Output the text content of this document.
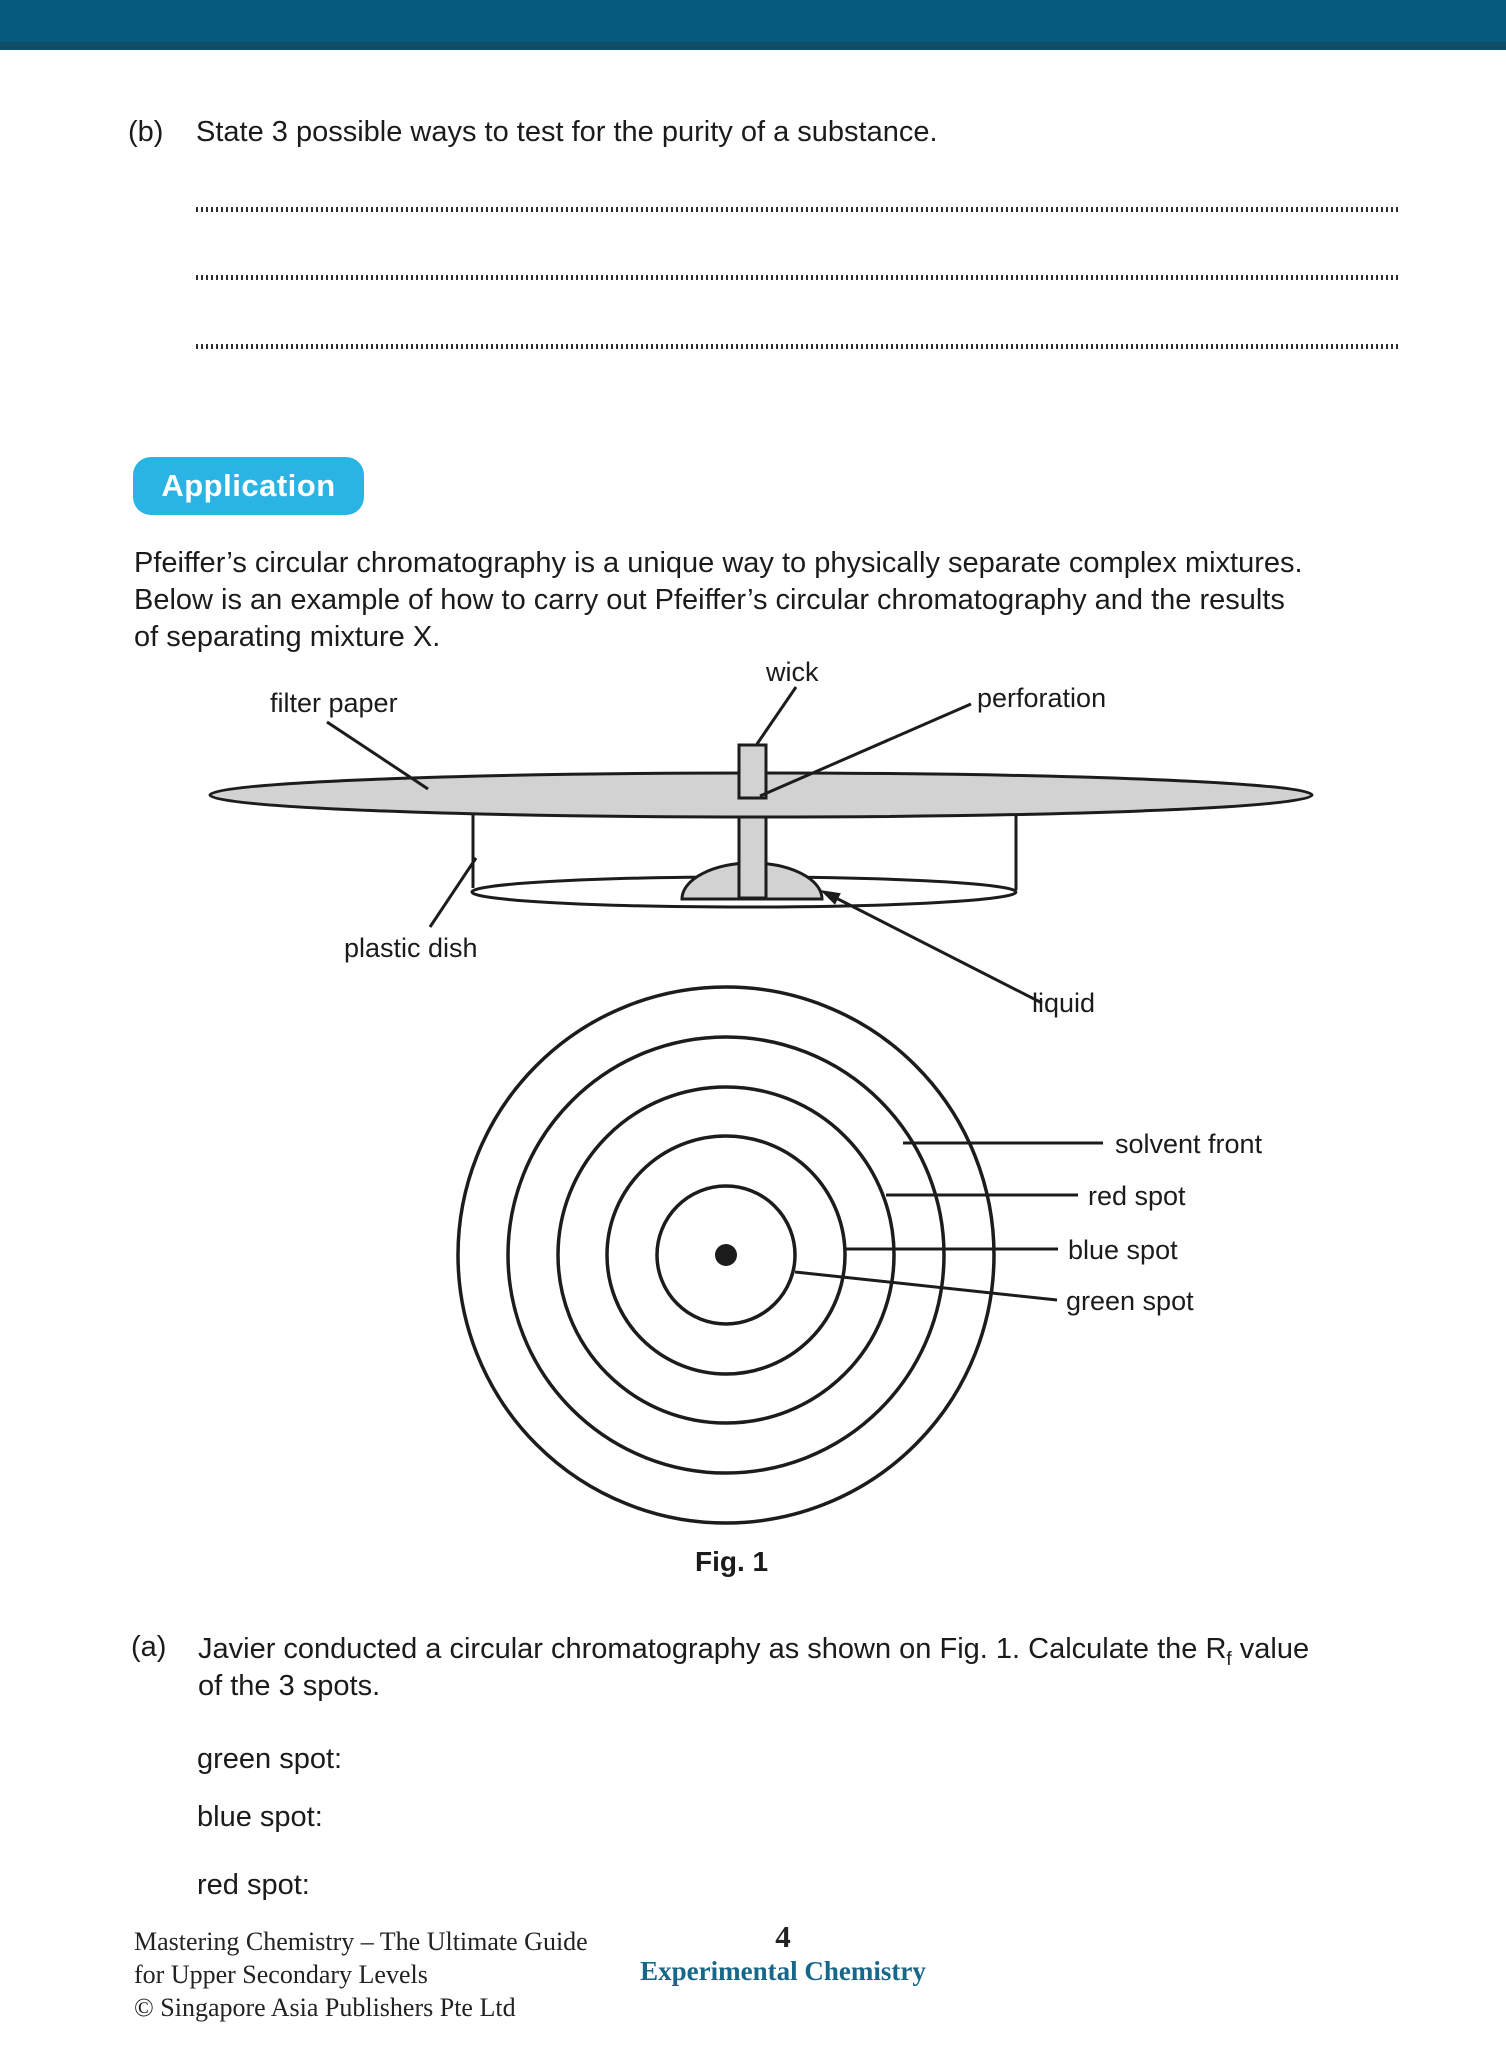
(b) State 3 possible ways to test for the purity of a substance.
Application
Pfeiffer’s circular chromatography is a unique way to physically separate complex mixtures.
Below is an example of how to carry out Pfeiffer’s circular chromatography and the results
of separating mixture X.
filter paper
wick
perforation
plastic dish
liquid
solvent front
red spot
blue spot
green spot
Fig. 1
(a) Javier conducted a circular chromatography as shown on Fig. 1. Calculate the $R_f$ value
of the 3 spots.
green spot:
blue spot:
red spot:
Mastering Chemistry – The Ultimate Guide
for Upper Secondary Levels
© Singapore Asia Publishers Pte Ltd
4
Experimental Chemistry
